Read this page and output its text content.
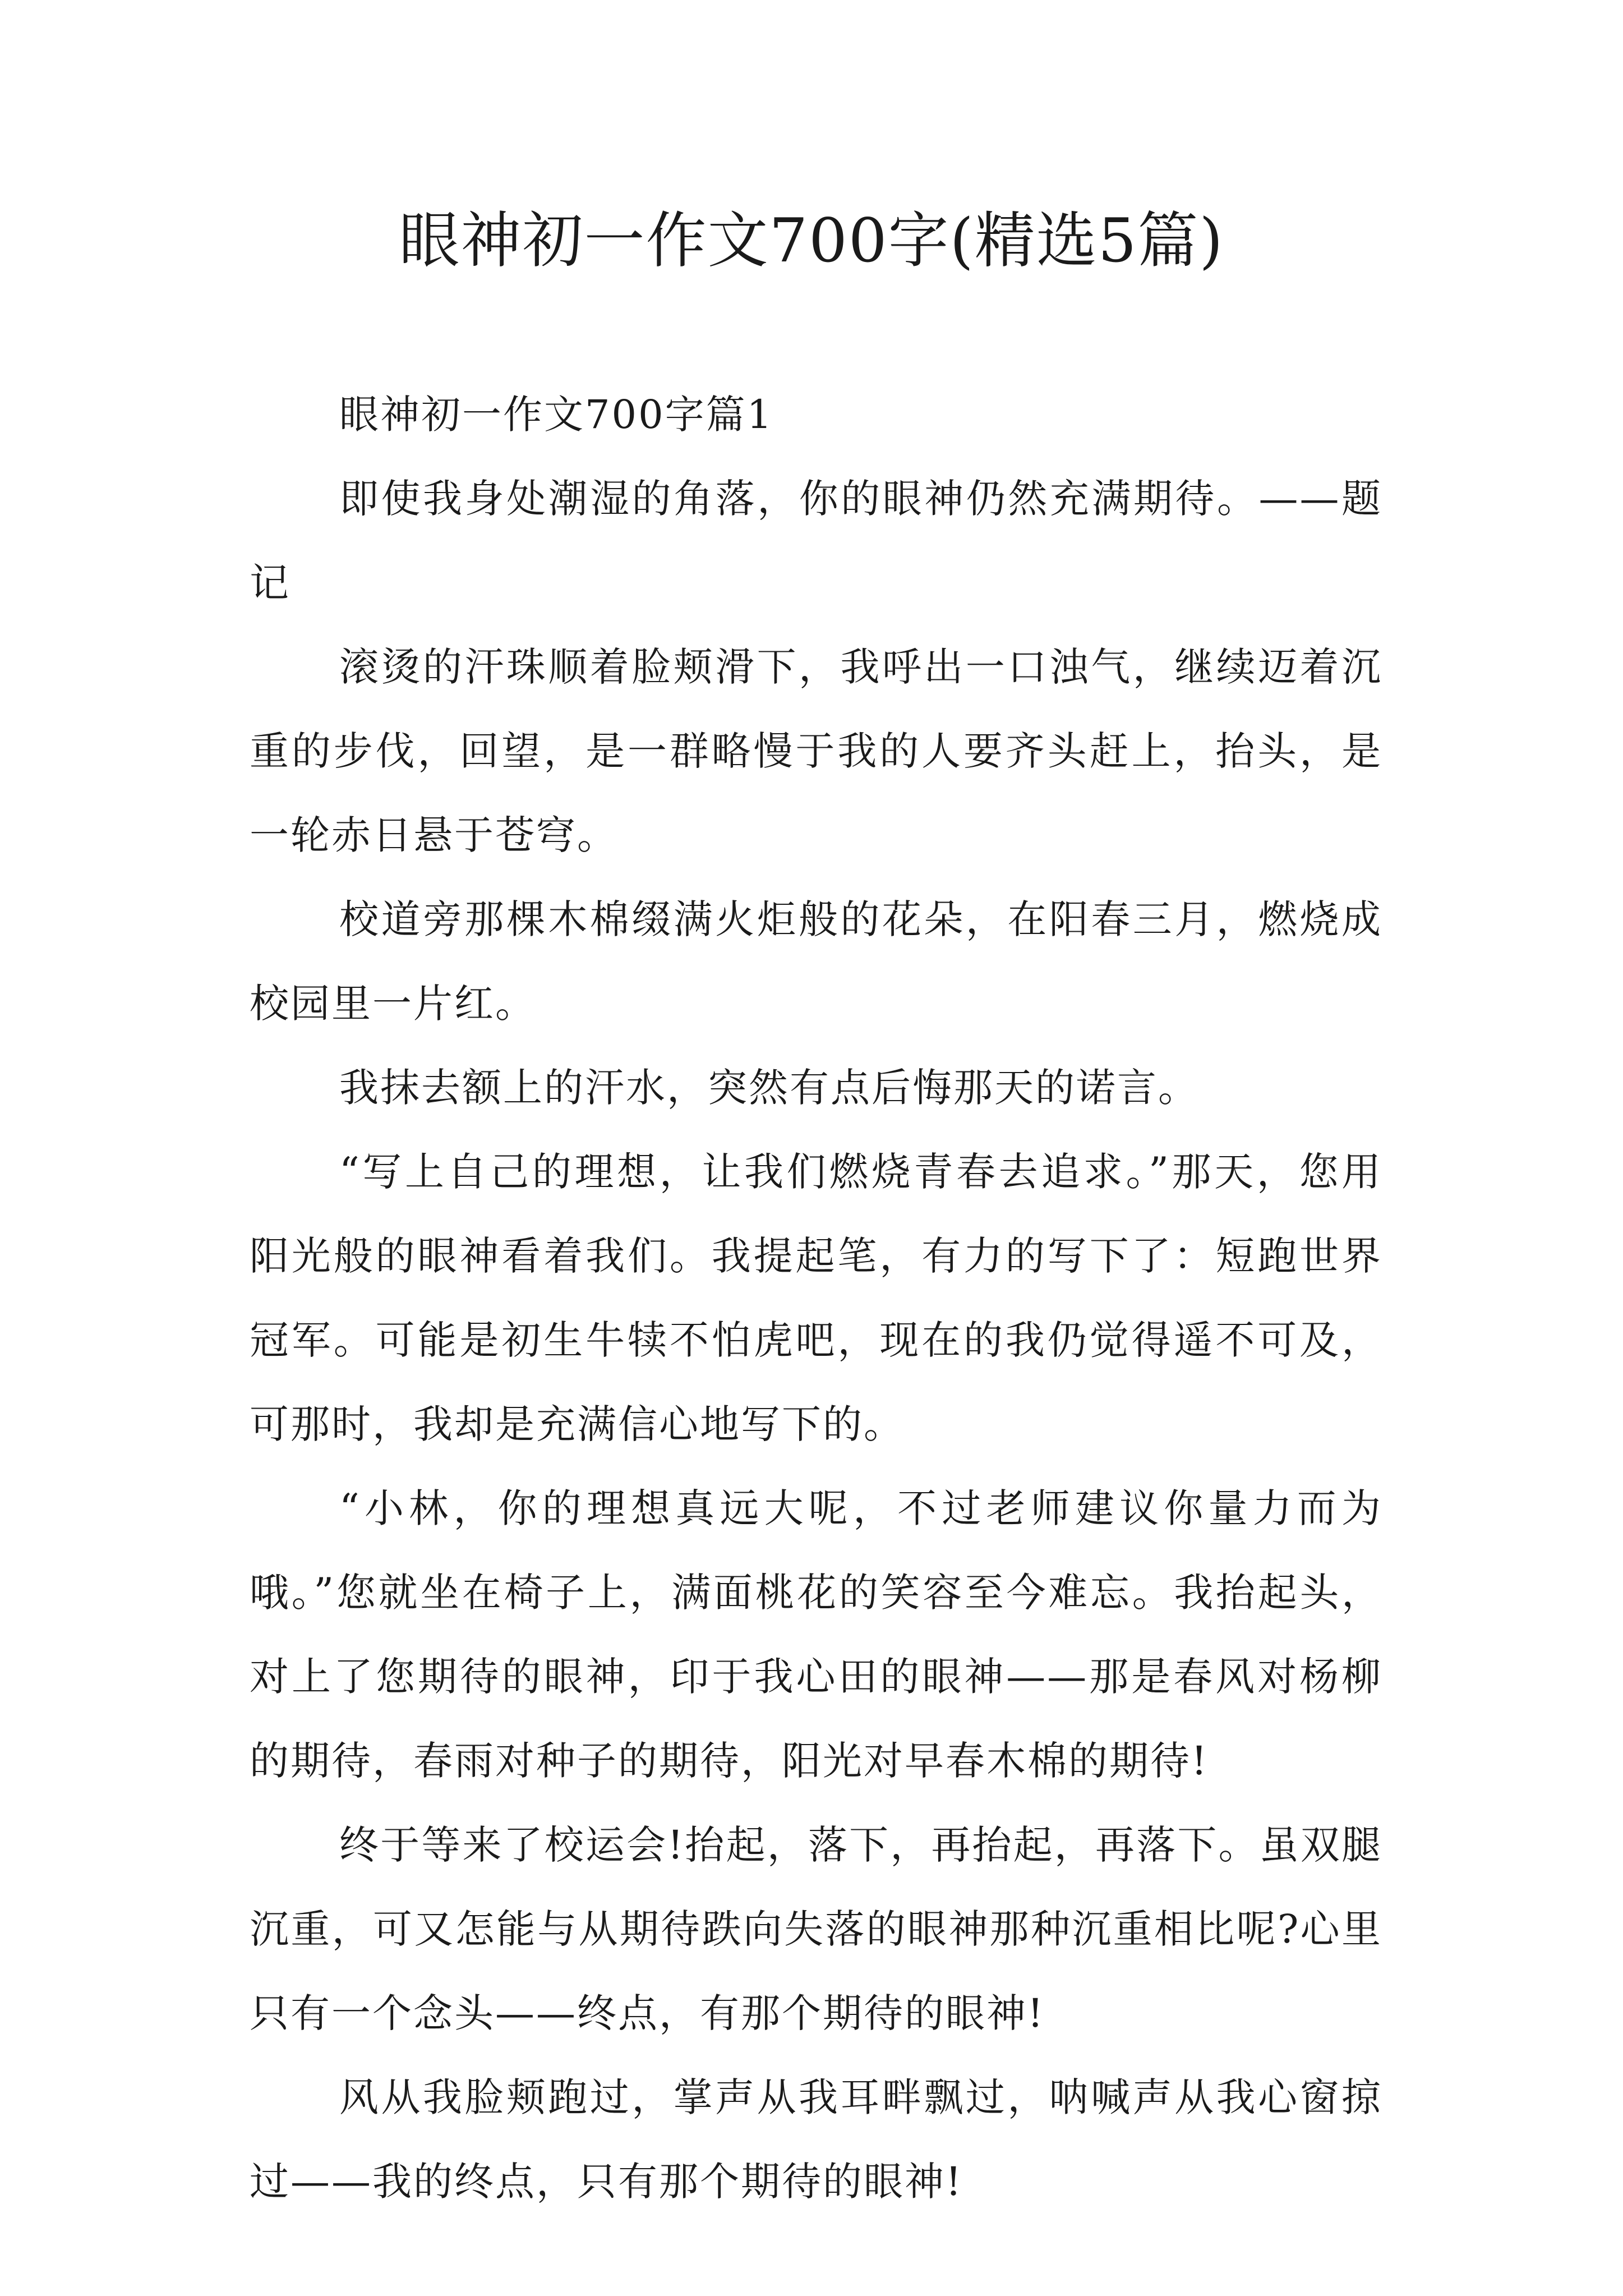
眼神初一作文700字(精选5篇)

眼神初一作文700字篇1

即使我身处潮湿的角落，你的眼神仍然充满期待。——题记

滚烫的汗珠顺着脸颊滑下，我呼出一口浊气，继续迈着沉重的步伐，回望，是一群略慢于我的人要齐头赶上，抬头，是一轮赤日悬于苍穹。

校道旁那棵木棉缀满火炬般的花朵，在阳春三月，燃烧成校园里一片红。

我抹去额上的汗水，突然有点后悔那天的诺言。

“写上自己的理想，让我们燃烧青春去追求。”那天，您用阳光般的眼神看着我们。我提起笔，有力的写下了：短跑世界冠军。可能是初生牛犊不怕虎吧，现在的我仍觉得遥不可及，可那时，我却是充满信心地写下的。

“小林，你的理想真远大呢，不过老师建议你量力而为哦。”您就坐在椅子上，满面桃花的笑容至今难忘。我抬起头，对上了您期待的眼神，印于我心田的眼神——那是春风对杨柳的期待，春雨对种子的期待，阳光对早春木棉的期待!

终于等来了校运会!抬起，落下，再抬起，再落下。虽双腿沉重，可又怎能与从期待跌向失落的眼神那种沉重相比呢?心里只有一个念头——终点，有那个期待的眼神!

风从我脸颊跑过，掌声从我耳畔飘过，呐喊声从我心窗掠过——我的终点，只有那个期待的眼神!
